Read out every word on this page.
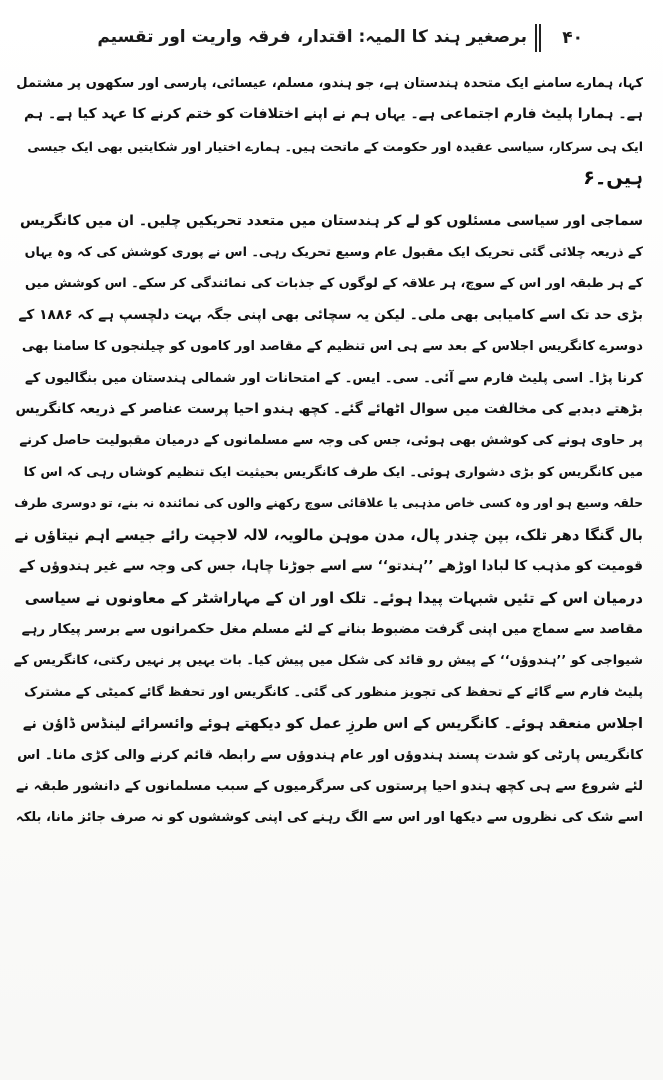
۴۰
برصغیر ہند کا المیہ: اقتدار، فرقہ واریت اور تقسیم

کہا، ہمارے سامنے ایک متحدہ ہندستان ہے، جو ہندو، مسلم، عیسائی، پارسی اور سکھوں پر مشتمل
ہے۔ ہمارا پلیٹ فارم اجتماعی ہے۔ یہاں ہم نے اپنے اختلافات کو ختم کرنے کا عہد کیا ہے۔ ہم
ایک ہی سرکار، سیاسی عقیدہ اور حکومت کے ماتحت ہیں۔ ہمارے اختیار اور شکایتیں بھی ایک جیسی
ہیں۔۶

سماجی اور سیاسی مسئلوں کو لے کر ہندستان میں متعدد تحریکیں چلیں۔ ان میں کانگریس
کے ذریعہ چلائی گئی تحریک ایک مقبول عام وسیع تحریک رہی۔ اس نے پوری کوشش کی کہ وہ یہاں
کے ہر طبقہ اور اس کے سوچ، ہر علاقہ کے لوگوں کے جذبات کی نمائندگی کر سکے۔ اس کوشش میں
بڑی حد تک اسے کامیابی بھی ملی۔ لیکن یہ سچائی بھی اپنی جگہ بہت دلچسپ ہے کہ ۱۸۸۶ کے
دوسرے کانگریس اجلاس کے بعد سے ہی اس تنظیم کے مقاصد اور کاموں کو چیلنجوں کا سامنا بھی
کرنا پڑا۔ اسی پلیٹ فارم سے آئی۔ سی۔ ایس۔ کے امتحانات اور شمالی ہندستان میں بنگالیوں کے
بڑھتے دبدبے کی مخالفت میں سوال اٹھائے گئے۔ کچھ ہندو احیا پرست عناصر کے ذریعہ کانگریس
پر حاوی ہونے کی کوشش بھی ہوئی، جس کی وجہ سے مسلمانوں کے درمیان مقبولیت حاصل کرنے
میں کانگریس کو بڑی دشواری ہوئی۔ ایک طرف کانگریس بحیثیت ایک تنظیم کوشاں رہی کہ اس کا
حلقہ وسیع ہو اور وہ کسی خاص مذہبی یا علاقائی سوچ رکھنے والوں کی نمائندہ نہ بنے، تو دوسری طرف
بال گنگا دھر تلک، بپن چندر پال، مدن موہن مالویہ، لالہ لاجپت رائے جیسے اہم نیتاؤں نے
قومیت کو مذہب کا لبادا اوڑھے ’’ہندتو‘‘ سے اسے جوڑنا چاہا، جس کی وجہ سے غیر ہندوؤں کے
درمیان اس کے تئیں شبہات پیدا ہوئے۔ تلک اور ان کے مہاراشٹر کے معاونوں نے سیاسی
مقاصد سے سماج میں اپنی گرفت مضبوط بنانے کے لئے مسلم مغل حکمرانوں سے برسر پیکار رہے
شیواجی کو ’’ہندوؤں‘‘ کے پیش رو قائد کی شکل میں پیش کیا۔ بات یہیں پر نہیں رکتی، کانگریس کے
پلیٹ فارم سے گائے کے تحفظ کی تجویز منظور کی گئی۔ کانگریس اور تحفظ گائے کمیٹی کے مشترک
اجلاس منعقد ہوئے۔ کانگریس کے اس طرزِ عمل کو دیکھتے ہوئے وائسرائے لینڈس ڈاؤن نے
کانگریس پارٹی کو شدت پسند ہندوؤں اور عام ہندوؤں سے رابطہ قائم کرنے والی کڑی مانا۔ اس
لئے شروع سے ہی کچھ ہندو احیا پرستوں کی سرگرمیوں کے سبب مسلمانوں کے دانشور طبقہ نے
اسے شک کی نظروں سے دیکھا اور اس سے الگ رہنے کی اپنی کوششوں کو نہ صرف جائز مانا، بلکہ
